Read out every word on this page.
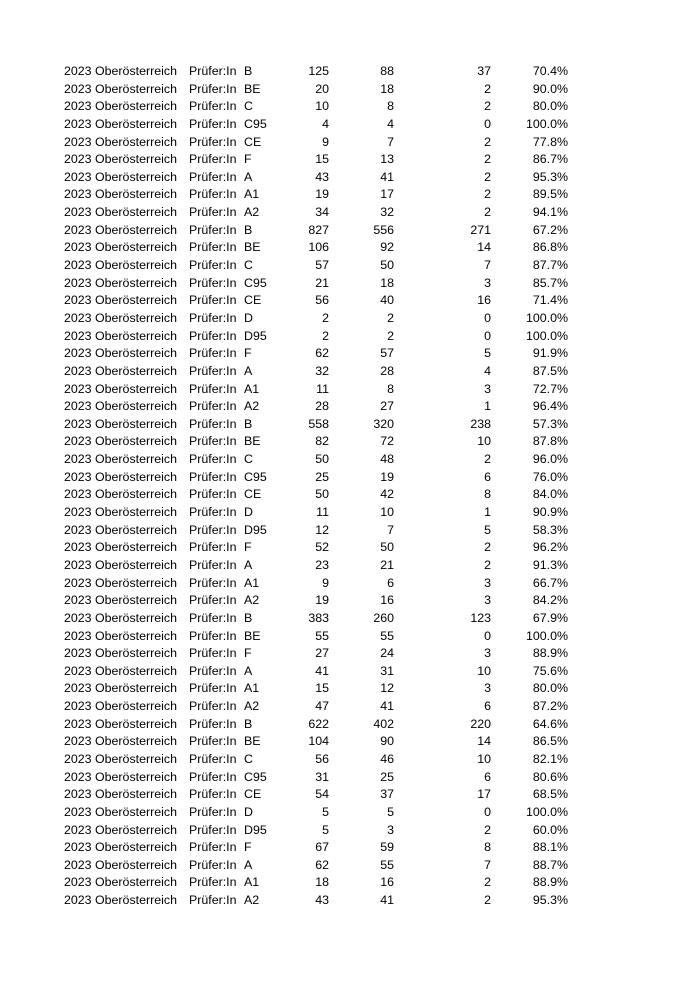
2023 Oberösterreich Prüfer:In B	125	88	37	70.4%
2023 Oberösterreich Prüfer:In BE	20	18	2	90.0%
2023 Oberösterreich Prüfer:In C	10	8	2	80.0%
2023 Oberösterreich Prüfer:In C95	4	4	0	100.0%
2023 Oberösterreich Prüfer:In CE	9	7	2	77.8%
2023 Oberösterreich Prüfer:In F	15	13	2	86.7%
2023 Oberösterreich Prüfer:In A	43	41	2	95.3%
2023 Oberösterreich Prüfer:In A1	19	17	2	89.5%
2023 Oberösterreich Prüfer:In A2	34	32	2	94.1%
2023 Oberösterreich Prüfer:In B	827	556	271	67.2%
2023 Oberösterreich Prüfer:In BE	106	92	14	86.8%
2023 Oberösterreich Prüfer:In C	57	50	7	87.7%
2023 Oberösterreich Prüfer:In C95	21	18	3	85.7%
2023 Oberösterreich Prüfer:In CE	56	40	16	71.4%
2023 Oberösterreich Prüfer:In D	2	2	0	100.0%
2023 Oberösterreich Prüfer:In D95	2	2	0	100.0%
2023 Oberösterreich Prüfer:In F	62	57	5	91.9%
2023 Oberösterreich Prüfer:In A	32	28	4	87.5%
2023 Oberösterreich Prüfer:In A1	11	8	3	72.7%
2023 Oberösterreich Prüfer:In A2	28	27	1	96.4%
2023 Oberösterreich Prüfer:In B	558	320	238	57.3%
2023 Oberösterreich Prüfer:In BE	82	72	10	87.8%
2023 Oberösterreich Prüfer:In C	50	48	2	96.0%
2023 Oberösterreich Prüfer:In C95	25	19	6	76.0%
2023 Oberösterreich Prüfer:In CE	50	42	8	84.0%
2023 Oberösterreich Prüfer:In D	11	10	1	90.9%
2023 Oberösterreich Prüfer:In D95	12	7	5	58.3%
2023 Oberösterreich Prüfer:In F	52	50	2	96.2%
2023 Oberösterreich Prüfer:In A	23	21	2	91.3%
2023 Oberösterreich Prüfer:In A1	9	6	3	66.7%
2023 Oberösterreich Prüfer:In A2	19	16	3	84.2%
2023 Oberösterreich Prüfer:In B	383	260	123	67.9%
2023 Oberösterreich Prüfer:In BE	55	55	0	100.0%
2023 Oberösterreich Prüfer:In F	27	24	3	88.9%
2023 Oberösterreich Prüfer:In A	41	31	10	75.6%
2023 Oberösterreich Prüfer:In A1	15	12	3	80.0%
2023 Oberösterreich Prüfer:In A2	47	41	6	87.2%
2023 Oberösterreich Prüfer:In B	622	402	220	64.6%
2023 Oberösterreich Prüfer:In BE	104	90	14	86.5%
2023 Oberösterreich Prüfer:In C	56	46	10	82.1%
2023 Oberösterreich Prüfer:In C95	31	25	6	80.6%
2023 Oberösterreich Prüfer:In CE	54	37	17	68.5%
2023 Oberösterreich Prüfer:In D	5	5	0	100.0%
2023 Oberösterreich Prüfer:In D95	5	3	2	60.0%
2023 Oberösterreich Prüfer:In F	67	59	8	88.1%
2023 Oberösterreich Prüfer:In A	62	55	7	88.7%
2023 Oberösterreich Prüfer:In A1	18	16	2	88.9%
2023 Oberösterreich Prüfer:In A2	43	41	2	95.3%
